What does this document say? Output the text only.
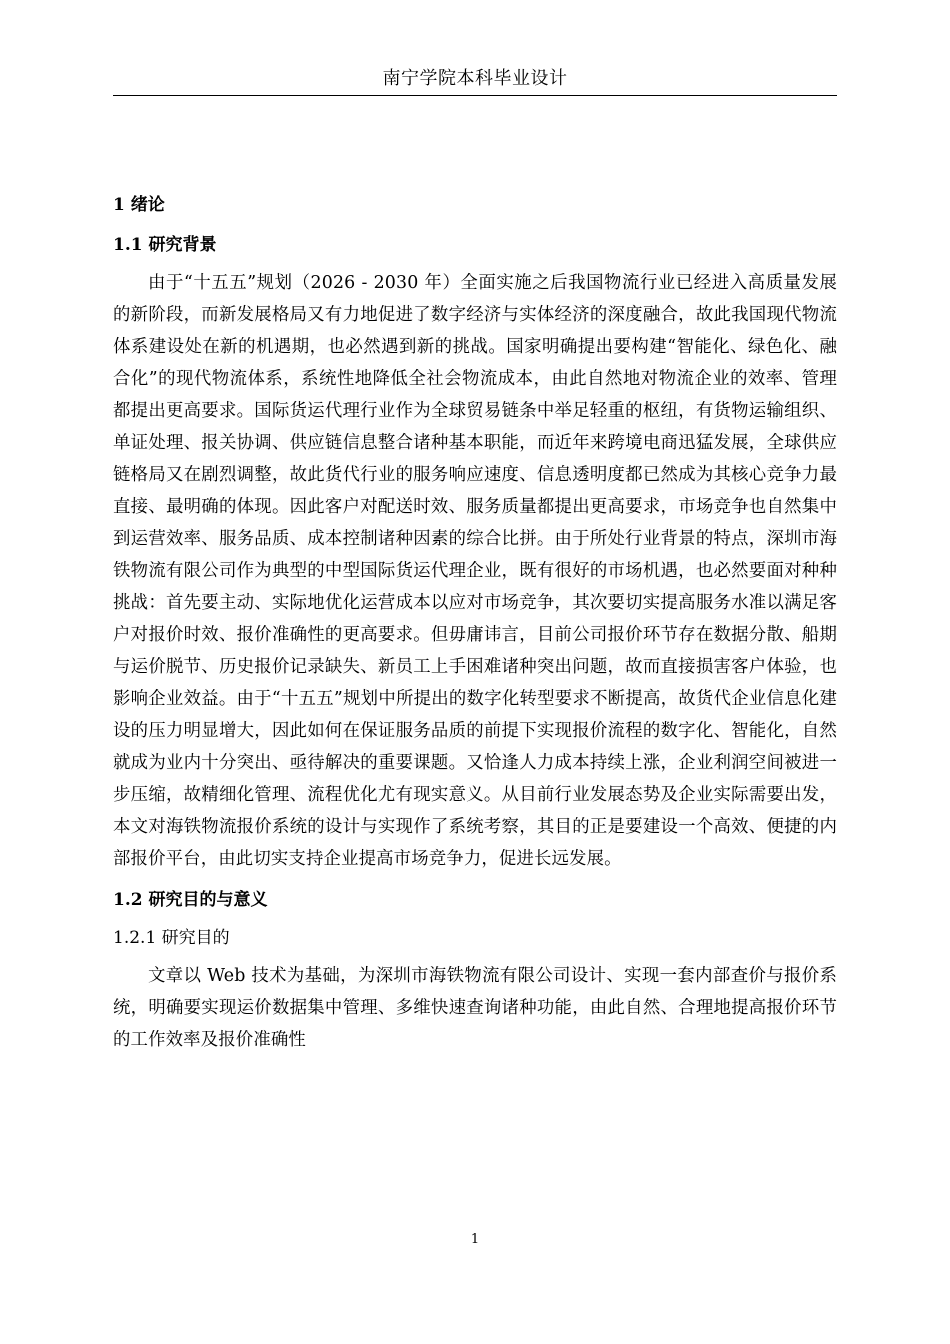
南宁学院本科毕业设计
1 绪论
1.1 研究背景

由于“十五五”规划（2026 - 2030 年）全面实施之后我国物流行业已经进入高质量发展的新阶段，而新发展格局又有力地促进了数字经济与实体经济的深度融合，故此我国现代物流体系建设处在新的机遇期，也必然遇到新的挑战。国家明确提出要构建“智能化、绿色化、融合化”的现代物流体系，系统性地降低全社会物流成本，由此自然地对物流企业的效率、管理都提出更高要求。国际货运代理行业作为全球贸易链条中举足轻重的枢纽，有货物运输组织、单证处理、报关协调、供应链信息整合诸种基本职能，而近年来跨境电商迅猛发展，全球供应链格局又在剧烈调整，故此货代行业的服务响应速度、信息透明度都已然成为其核心竞争力最直接、最明确的体现。因此客户对配送时效、服务质量都提出更高要求，市场竞争也自然集中到运营效率、服务品质、成本控制诸种因素的综合比拼。由于所处行业背景的特点，深圳市海铁物流有限公司作为典型的中型国际货运代理企业，既有很好的市场机遇，也必然要面对种种挑战：首先要主动、实际地优化运营成本以应对市场竞争，其次要切实提高服务水准以满足客户对报价时效、报价准确性的更高要求。但毋庸讳言，目前公司报价环节存在数据分散、船期与运价脱节、历史报价记录缺失、新员工上手困难诸种突出问题，故而直接损害客户体验，也影响企业效益。由于“十五五”规划中所提出的数字化转型要求不断提高，故货代企业信息化建设的压力明显增大，因此如何在保证服务品质的前提下实现报价流程的数字化、智能化，自然就成为业内十分突出、亟待解决的重要课题。又恰逢人力成本持续上涨，企业利润空间被进一步压缩，故精细化管理、流程优化尤有现实意义。从目前行业发展态势及企业实际需要出发，本文对海铁物流报价系统的设计与实现作了系统考察，其目的正是要建设一个高效、便捷的内部报价平台，由此切实支持企业提高市场竞争力，促进长远发展。

1.2 研究目的与意义
1.2.1 研究目的

文章以 Web 技术为基础，为深圳市海铁物流有限公司设计、实现一套内部查价与报价系统，明确要实现运价数据集中管理、多维快速查询诸种功能，由此自然、合理地提高报价环节的工作效率及报价准确性

1
